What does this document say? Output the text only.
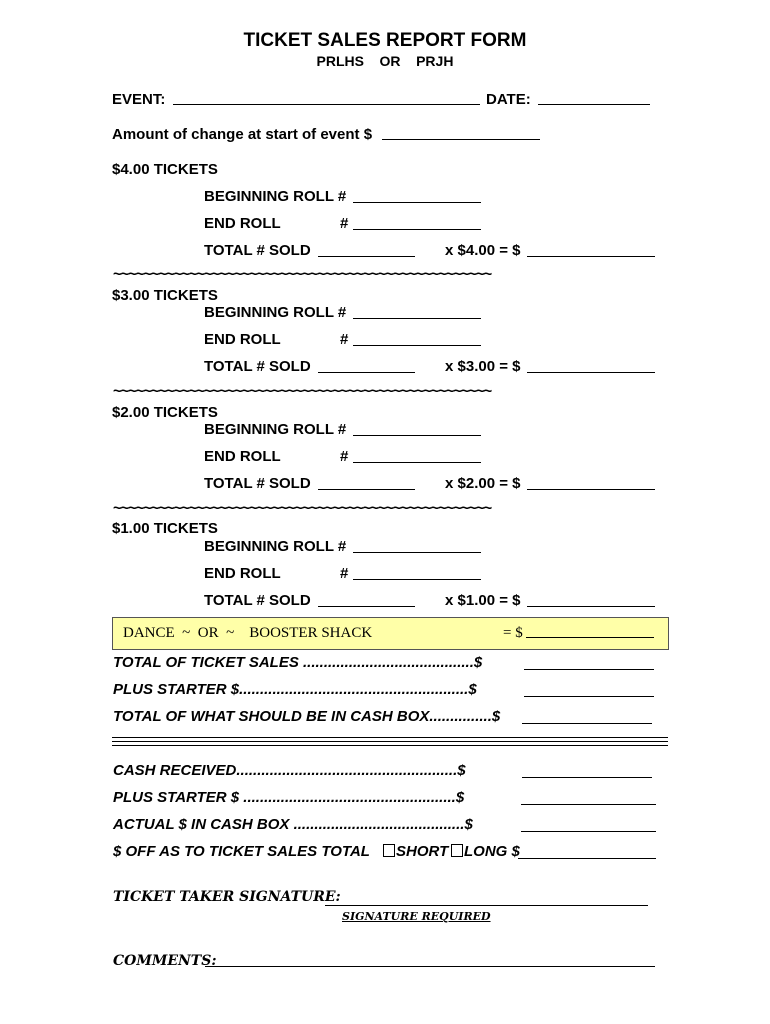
TICKET SALES REPORT FORM
PRLHS    OR    PRJH
EVENT:	DATE:
Amount of change at start of event $
$4.00 TICKETS
BEGINNING ROLL #
END ROLL	#
TOTAL # SOLD	x $4.00 = $
~~~~~~~~~~~~~~~~~~~~~~~~~~~~~~~~~~~~~~~~~~~~~~~~~~
$3.00 TICKETS
BEGINNING ROLL #
END ROLL	#
TOTAL # SOLD	x $3.00 = $
~~~~~~~~~~~~~~~~~~~~~~~~~~~~~~~~~~~~~~~~~~~~~~~~~~
$2.00 TICKETS
BEGINNING ROLL #
END ROLL	#
TOTAL # SOLD	x $2.00 = $
~~~~~~~~~~~~~~~~~~~~~~~~~~~~~~~~~~~~~~~~~~~~~~~~~~
$1.00 TICKETS
BEGINNING ROLL #
END ROLL	#
TOTAL # SOLD	x $1.00 = $
DANCE  ~  OR  ~    BOOSTER SHACK	= $
TOTAL OF TICKET SALES .........................................$
PLUS STARTER $.......................................................$
TOTAL OF WHAT SHOULD BE IN CASH BOX...............$
CASH RECEIVED.....................................................$
PLUS STARTER $ ...................................................$
ACTUAL $ IN CASH BOX .........................................$
$ OFF AS TO TICKET SALES TOTAL	SHORT	LONG $
TICKET TAKER SIGNATURE:
SIGNATURE REQUIRED
COMMENTS:
